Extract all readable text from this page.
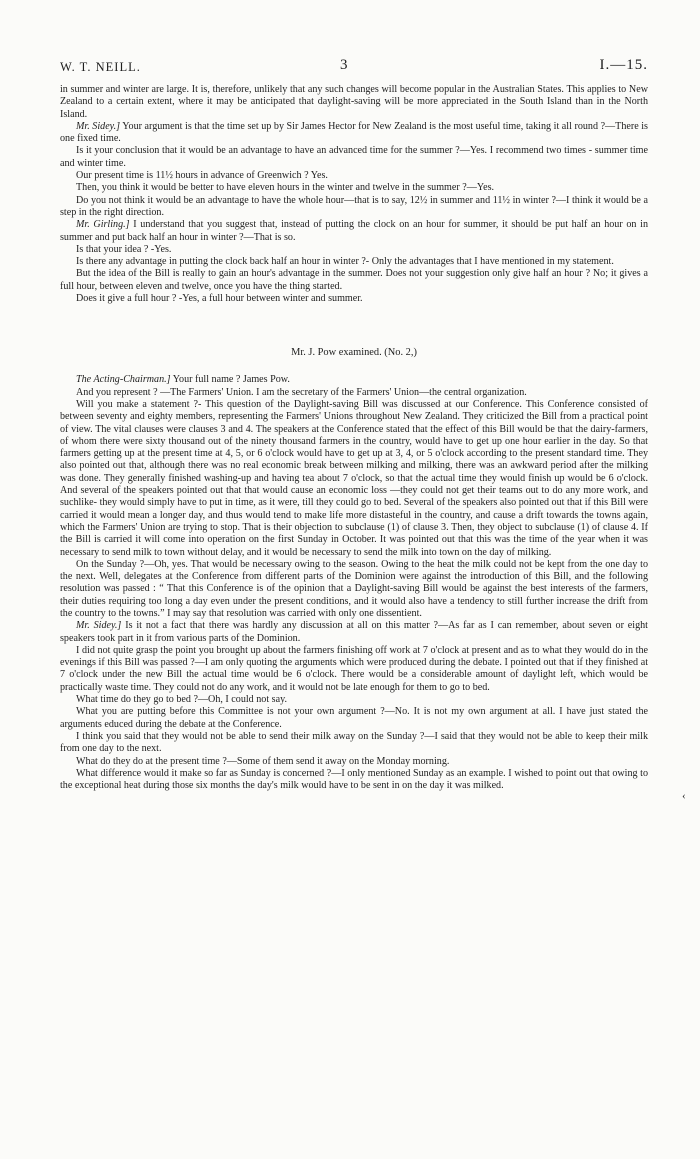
W. T. NEILL.	3	I.—15.

in summer and winter are large. It is, therefore, unlikely that any such changes will become popular in the Australian States. This applies to New Zealand to a certain extent, where it may be anticipated that daylight-saving will be more appreciated in the South Island than in the North Island.

Mr. Sidey.] Your argument is that the time set up by Sir James Hector for New Zealand is the most useful time, taking it all round ?—There is one fixed time.

Is it your conclusion that it would be an advantage to have an advanced time for the summer ?—Yes. I recommend two times - summer time and winter time.

Our present time is 11½ hours in advance of Greenwich ? Yes.

Then, you think it would be better to have eleven hours in the winter and twelve in the summer ?—Yes.

Do you not think it would be an advantage to have the whole hour—that is to say, 12½ in summer and 11½ in winter ?—I think it would be a step in the right direction.

Mr. Girling.] I understand that you suggest that, instead of putting the clock on an hour for summer, it should be put half an hour on in summer and put back half an hour in winter ?—That is so.

Is that your idea ? -Yes.

Is there any advantage in putting the clock back half an hour in winter ?- Only the advantages that I have mentioned in my statement.

But the idea of the Bill is really to gain an hour's advantage in the summer. Does not your suggestion only give half an hour ? No; it gives a full hour, between eleven and twelve, once you have the thing started.

Does it give a full hour ? -Yes, a full hour between winter and summer.

Mr. J. Pow examined. (No. 2,)

The Acting-Chairman.] Your full name ? James Pow.

And you represent ? —The Farmers' Union. I am the secretary of the Farmers' Union—the central organization.

Will you make a statement ?- This question of the Daylight-saving Bill was discussed at our Conference. This Conference consisted of between seventy and eighty members, representing the Farmers' Unions throughout New Zealand. They criticized the Bill from a practical point of view. The vital clauses were clauses 3 and 4. The speakers at the Conference stated that the effect of this Bill would be that the dairy-farmers, of whom there were sixty thousand out of the ninety thousand farmers in the country, would have to get up one hour earlier in the day. So that farmers getting up at the present time at 4, 5, or 6 o'clock would have to get up at 3, 4, or 5 o'clock according to the present standard time. They also pointed out that, although there was no real economic break between milking and milking, there was an awkward period after the milking was done. They generally finished washing-up and having tea about 7 o'clock, so that the actual time they would finish up would be 6 o'clock. And several of the speakers pointed out that that would cause an economic loss —they could not get their teams out to do any more work, and suchlike- they would simply have to put in time, as it were, till they could go to bed. Several of the speakers also pointed out that if this Bill were carried it would mean a longer day, and thus would tend to make life more distasteful in the country, and cause a drift towards the towns again, which the Farmers' Union are trying to stop. That is their objection to subclause (1) of clause 3. Then, they object to subclause (1) of clause 4. If the Bill is carried it will come into operation on the first Sunday in October. It was pointed out that this was the time of the year when it was necessary to send milk to town without delay, and it would be necessary to send the milk into town on the day of milking.

On the Sunday ?—Oh, yes. That would be necessary owing to the season. Owing to the heat the milk could not be kept from the one day to the next. Well, delegates at the Conference from different parts of the Dominion were against the introduction of this Bill, and the following resolution was passed : “ That this Conference is of the opinion that a Daylight-saving Bill would be against the best interests of the farmers, their duties requiring too long a day even under the present conditions, and it would also have a tendency to still further increase the drift from the country to the towns.” I may say that resolution was carried with only one dissentient.

Mr. Sidey.] Is it not a fact that there was hardly any discussion at all on this matter ?—As far as I can remember, about seven or eight speakers took part in it from various parts of the Dominion.

I did not quite grasp the point you brought up about the farmers finishing off work at 7 o'clock at present and as to what they would do in the evenings if this Bill was passed ?—I am only quoting the arguments which were produced during the debate. I pointed out that if they finished at 7 o'clock under the new Bill the actual time would be 6 o'clock. There would be a considerable amount of daylight left, which would be practically waste time. They could not do any work, and it would not be late enough for them to go to bed.

What time do they go to bed ?—Oh, I could not say.

What you are putting before this Committee is not your own argument ?—No. It is not my own argument at all. I have just stated the arguments educed during the debate at the Conference.

I think you said that they would not be able to send their milk away on the Sunday ?—I said that they would not be able to keep their milk from one day to the next.

What do they do at the present time ?—Some of them send it away on the Monday morning.

What difference would it make so far as Sunday is concerned ?—I only mentioned Sunday as an example. I wished to point out that owing to the exceptional heat during those six months the day's milk would have to be sent in on the day it was milked.

‹
